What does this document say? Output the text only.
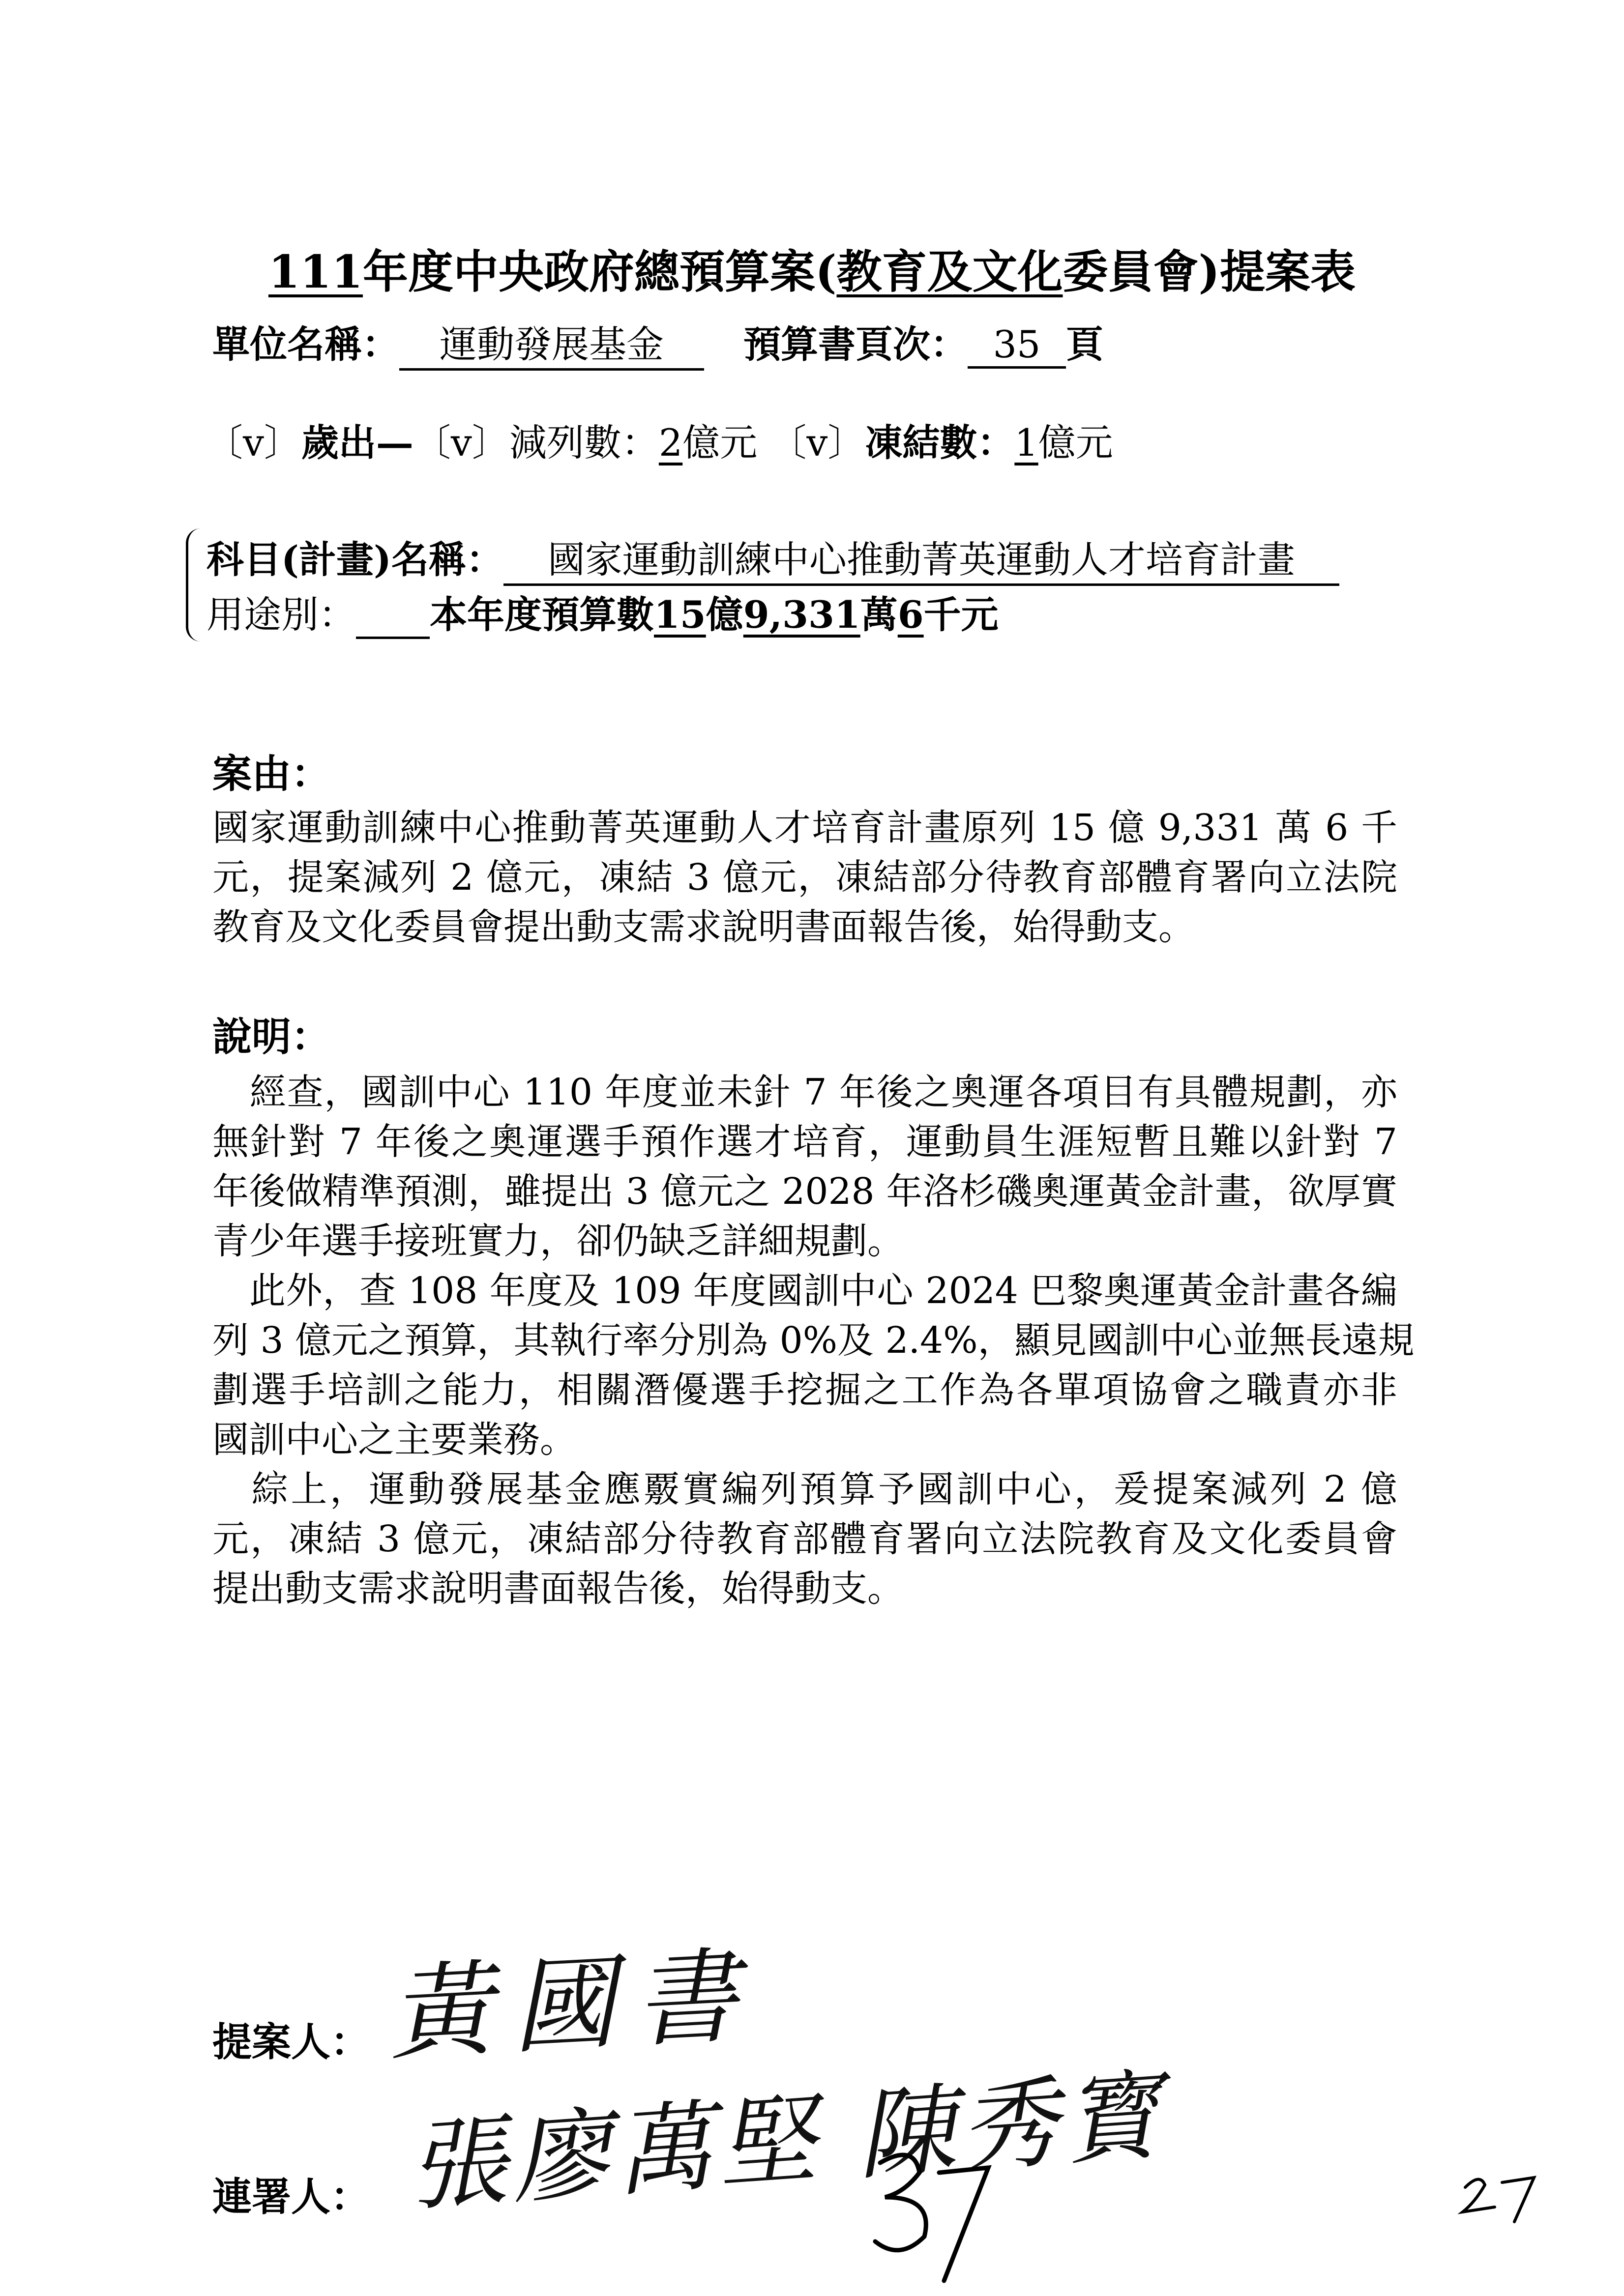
111年度中央政府總預算案(教育及文化委員會)提案表
單位名稱： 運動發展基金 預算書頁次： 35 頁
〔v〕歲出—〔v〕減列數：2億元 〔v〕凍結數：1億元
科目(計畫)名稱： 國家運動訓練中心推動菁英運動人才培育計畫
用途別： 本年度預算數15億9,331萬6千元
案由：
國家運動訓練中心推動菁英運動人才培育計畫原列 15 億 9,331 萬 6 千
元，提案減列 2 億元，凍結 3 億元，凍結部分待教育部體育署向立法院
教育及文化委員會提出動支需求說明書面報告後，始得動支。
說明：
　經查，國訓中心 110 年度並未針 7 年後之奧運各項目有具體規劃，亦
無針對 7 年後之奧運選手預作選才培育，運動員生涯短暫且難以針對 7
年後做精準預測，雖提出 3 億元之 2028 年洛杉磯奧運黃金計畫，欲厚實
青少年選手接班實力，卻仍缺乏詳細規劃。
　此外，查 108 年度及 109 年度國訓中心 2024 巴黎奧運黃金計畫各編
列 3 億元之預算，其執行率分別為 0%及 2.4%，顯見國訓中心並無長遠規
劃選手培訓之能力，相關潛優選手挖掘之工作為各單項協會之職責亦非
國訓中心之主要業務。
　綜上，運動發展基金應覈實編列預算予國訓中心，爰提案減列 2 億
元，凍結 3 億元，凍結部分待教育部體育署向立法院教育及文化委員會
提出動支需求說明書面報告後，始得動支。
提案人： 黃國書
連署人： 張廖萬堅 陳秀寳
